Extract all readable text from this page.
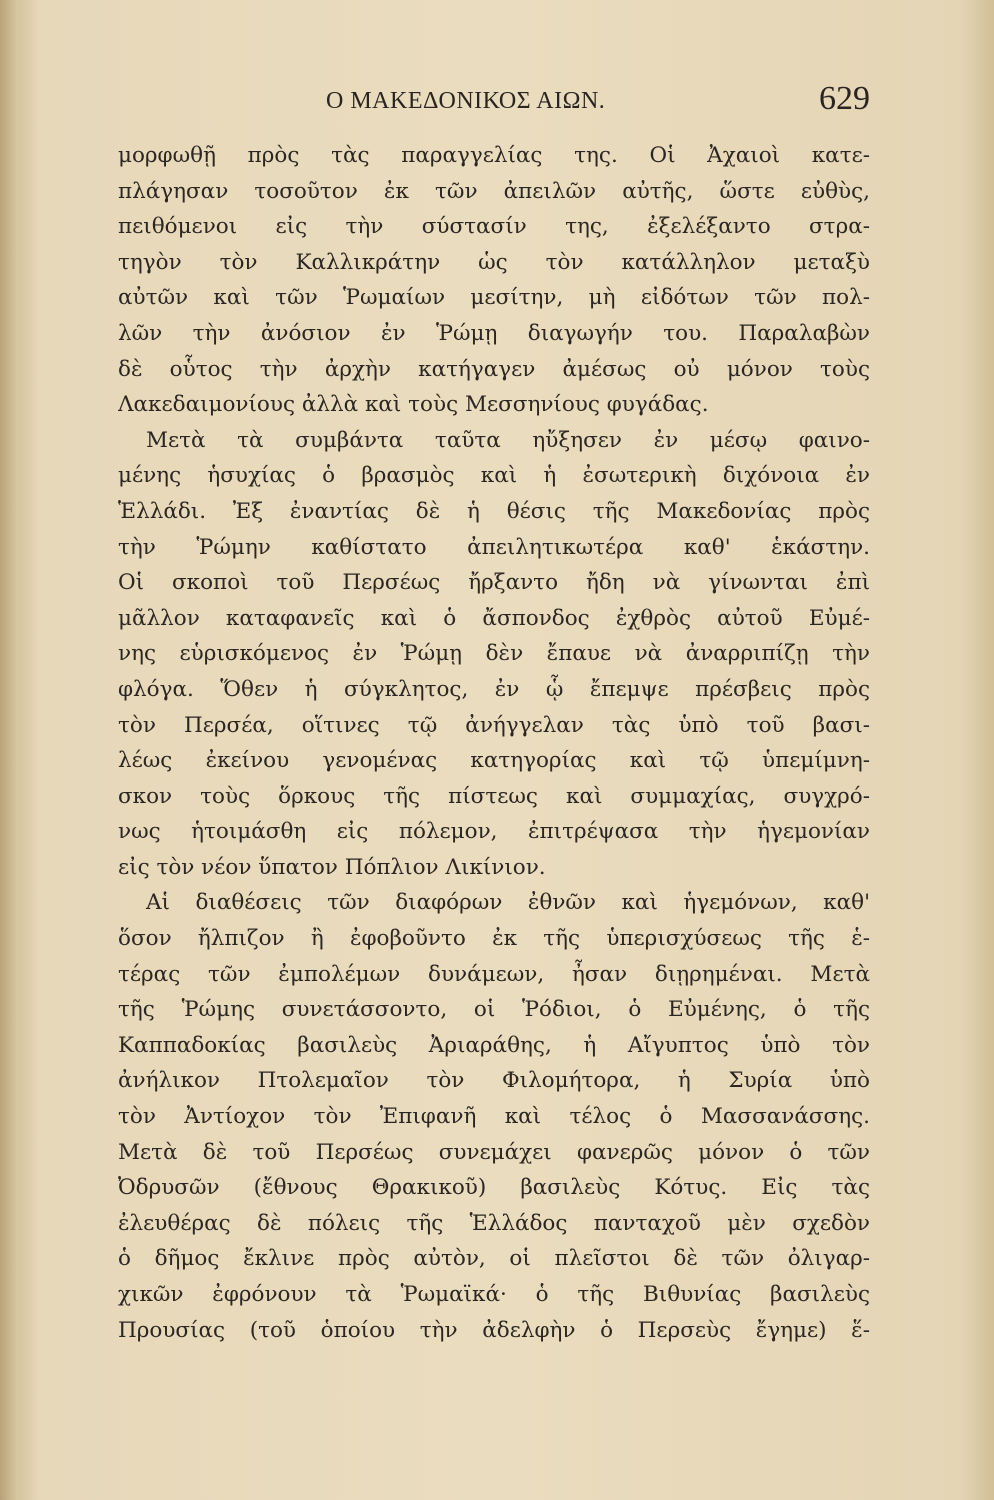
Ο ΜΑΚΕΔΟΝΙΚΟΣ ΑΙΩΝ.	629
μορφωθῇ πρὸς τὰς παραγγελίας της. Οἱ Ἀχαιοὶ κατε-
πλάγησαν τοσοῦτον ἐκ τῶν ἀπειλῶν αὐτῆς, ὥστε εὐθὺς,
πειθόμενοι εἰς τὴν σύστασίν της, ἐξελέξαντο στρα-
τηγὸν τὸν Καλλικράτην ὡς τὸν κατάλληλον μεταξὺ
αὐτῶν καὶ τῶν Ῥωμαίων μεσίτην, μὴ εἰδότων τῶν πολ-
λῶν τὴν ἀνόσιον ἐν Ῥώμῃ διαγωγήν του. Παραλαβὼν
δὲ οὗτος τὴν ἀρχὴν κατήγαγεν ἀμέσως οὐ μόνον τοὺς
Λακεδαιμονίους ἀλλὰ καὶ τοὺς Μεσσηνίους φυγάδας.
Μετὰ τὰ συμβάντα ταῦτα ηὔξησεν ἐν μέσῳ φαινο-
μένης ἡσυχίας ὁ βρασμὸς καὶ ἡ ἐσωτερικὴ διχόνοια ἐν
Ἑλλάδι. Ἐξ ἐναντίας δὲ ἡ θέσις τῆς Μακεδονίας πρὸς
τὴν Ῥώμην καθίστατο ἀπειλητικωτέρα καθ' ἑκάστην.
Οἱ σκοποὶ τοῦ Περσέως ἤρξαντο ἤδη νὰ γίνωνται ἐπὶ
μᾶλλον καταφανεῖς καὶ ὁ ἄσπονδος ἐχθρὸς αὐτοῦ Εὐμέ-
νης εὑρισκόμενος ἐν Ῥώμῃ δὲν ἔπαυε νὰ ἀναρριπίζῃ τὴν
φλόγα. Ὅθεν ἡ σύγκλητος, ἐν ᾧ ἔπεμψε πρέσβεις πρὸς
τὸν Περσέα, οἵτινες τῷ ἀνήγγελαν τὰς ὑπὸ τοῦ βασι-
λέως ἐκείνου γενομένας κατηγορίας καὶ τῷ ὑπεμίμνη-
σκον τοὺς ὅρκους τῆς πίστεως καὶ συμμαχίας, συγχρό-
νως ἡτοιμάσθη εἰς πόλεμον, ἐπιτρέψασα τὴν ἡγεμονίαν
εἰς τὸν νέον ὕπατον Πόπλιον Λικίνιον.
Αἱ διαθέσεις τῶν διαφόρων ἐθνῶν καὶ ἡγεμόνων, καθ'
ὅσον ἤλπιζον ἢ ἐφοβοῦντο ἐκ τῆς ὑπερισχύσεως τῆς ἑ-
τέρας τῶν ἐμπολέμων δυνάμεων, ἦσαν διῃρημέναι. Μετὰ
τῆς Ῥώμης συνετάσσοντο, οἱ Ῥόδιοι, ὁ Εὐμένης, ὁ τῆς
Καππαδοκίας βασιλεὺς Ἀριαράθης, ἡ Αἴγυπτος ὑπὸ τὸν
ἀνήλικον Πτολεμαῖον τὸν Φιλομήτορα, ἡ Συρία ὑπὸ
τὸν Ἀντίοχον τὸν Ἐπιφανῆ καὶ τέλος ὁ Μασσανάσσης.
Μετὰ δὲ τοῦ Περσέως συνεμάχει φανερῶς μόνον ὁ τῶν
Ὀδρυσῶν (ἔθνους Θρακικοῦ) βασιλεὺς Κότυς. Εἰς τὰς
ἐλευθέρας δὲ πόλεις τῆς Ἑλλάδος πανταχοῦ μὲν σχεδὸν
ὁ δῆμος ἔκλινε πρὸς αὐτὸν, οἱ πλεῖστοι δὲ τῶν ὀλιγαρ-
χικῶν ἐφρόνουν τὰ Ῥωμαϊκά· ὁ τῆς Βιθυνίας βασιλεὺς
Προυσίας (τοῦ ὁποίου τὴν ἀδελφὴν ὁ Περσεὺς ἔγημε) ἕ-
